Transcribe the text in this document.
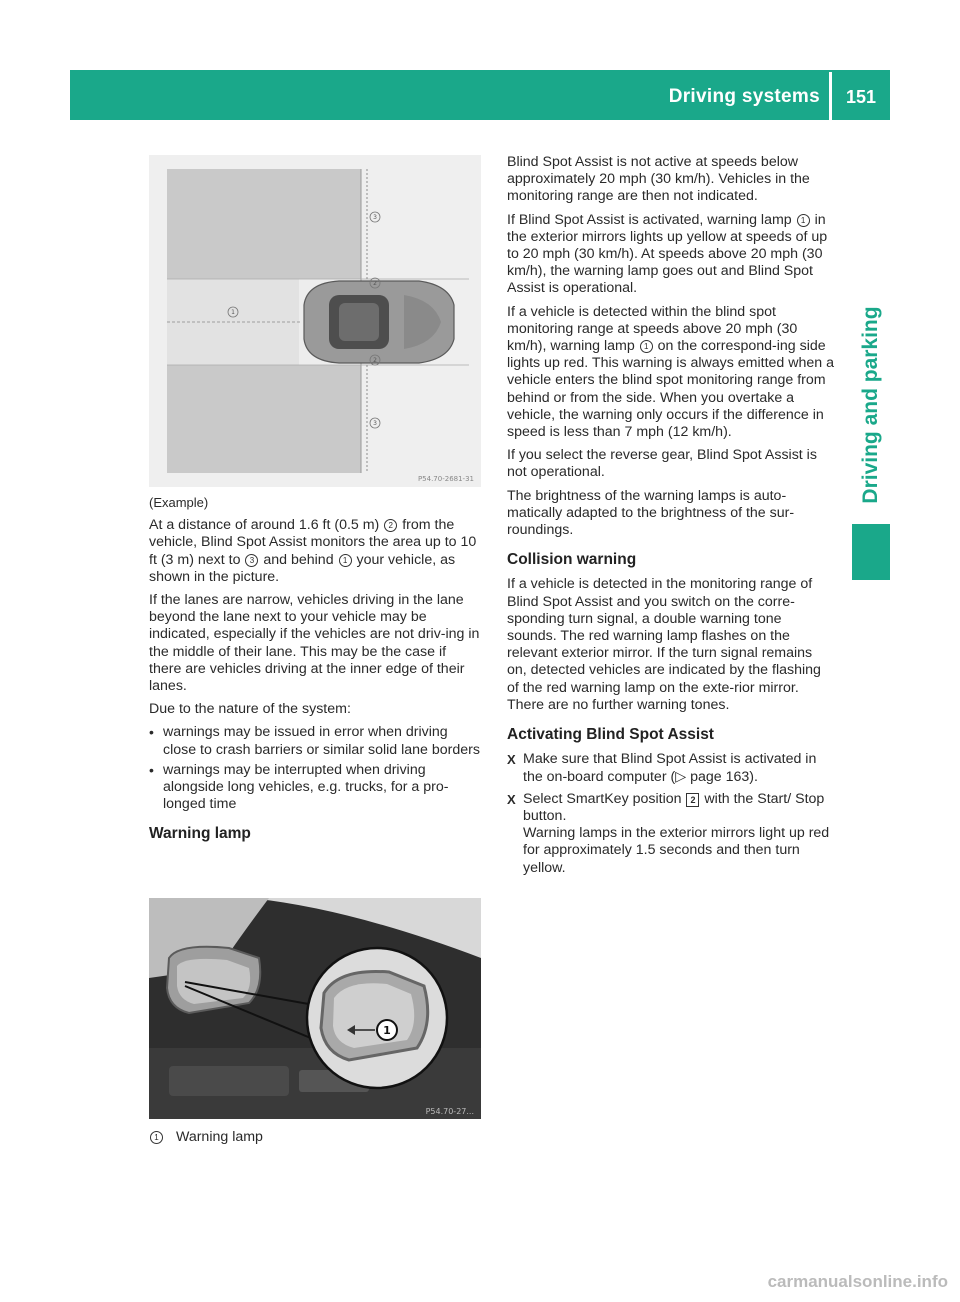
Driving systems 151
Driving and parking
3
2
2
3
1
P54.70-2681-31

(Example)

At a distance of around 1.6 ft (0.5 m) 2 from the vehicle, Blind Spot Assist monitors the area up to 10 ft (3 m) next to 3 and behind 1 your vehicle, as shown in the picture.

If the lanes are narrow, vehicles driving in the lane beyond the lane next to your vehicle may be indicated, especially if the vehicles are not driv-ing in the middle of their lane. This may be the case if there are vehicles driving at the inner edge of their lanes.

Due to the nature of the system:

• warnings may be issued in error when driving close to crash barriers or similar solid lane borders
• warnings may be interrupted when driving alongside long vehicles, e.g. trucks, for a pro-longed time
Warning lamp
1
P54.70-27...
1 Warning lamp

Blind Spot Assist is not active at speeds below approximately 20 mph (30 km/h). Vehicles in the monitoring range are then not indicated.

If Blind Spot Assist is activated, warning lamp 1 in the exterior mirrors lights up yellow at speeds of up to 20 mph (30 km/h). At speeds above 20 mph (30 km/h), the warning lamp goes out and Blind Spot Assist is operational.

If a vehicle is detected within the blind spot monitoring range at speeds above 20 mph (30 km/h), warning lamp 1 on the correspond-ing side lights up red. This warning is always emitted when a vehicle enters the blind spot monitoring range from behind or from the side. When you overtake a vehicle, the warning only occurs if the difference in speed is less than 7 mph (12 km/h).

If you select the reverse gear, Blind Spot Assist is not operational.

The brightness of the warning lamps is auto-matically adapted to the brightness of the sur-roundings.

Collision warning

If a vehicle is detected in the monitoring range of Blind Spot Assist and you switch on the corre-sponding turn signal, a double warning tone sounds. The red warning lamp flashes on the relevant exterior mirror. If the turn signal remains on, detected vehicles are indicated by the flashing of the red warning lamp on the exte-rior mirror. There are no further warning tones.

Activating Blind Spot Assist
X Make sure that Blind Spot Assist is activated in the on-board computer (▷ page 163).
X Select SmartKey position 2 with the Start/ Stop button.
Warning lamps in the exterior mirrors light up red for approximately 1.5 seconds and then turn yellow.
carmanualsonline.info
